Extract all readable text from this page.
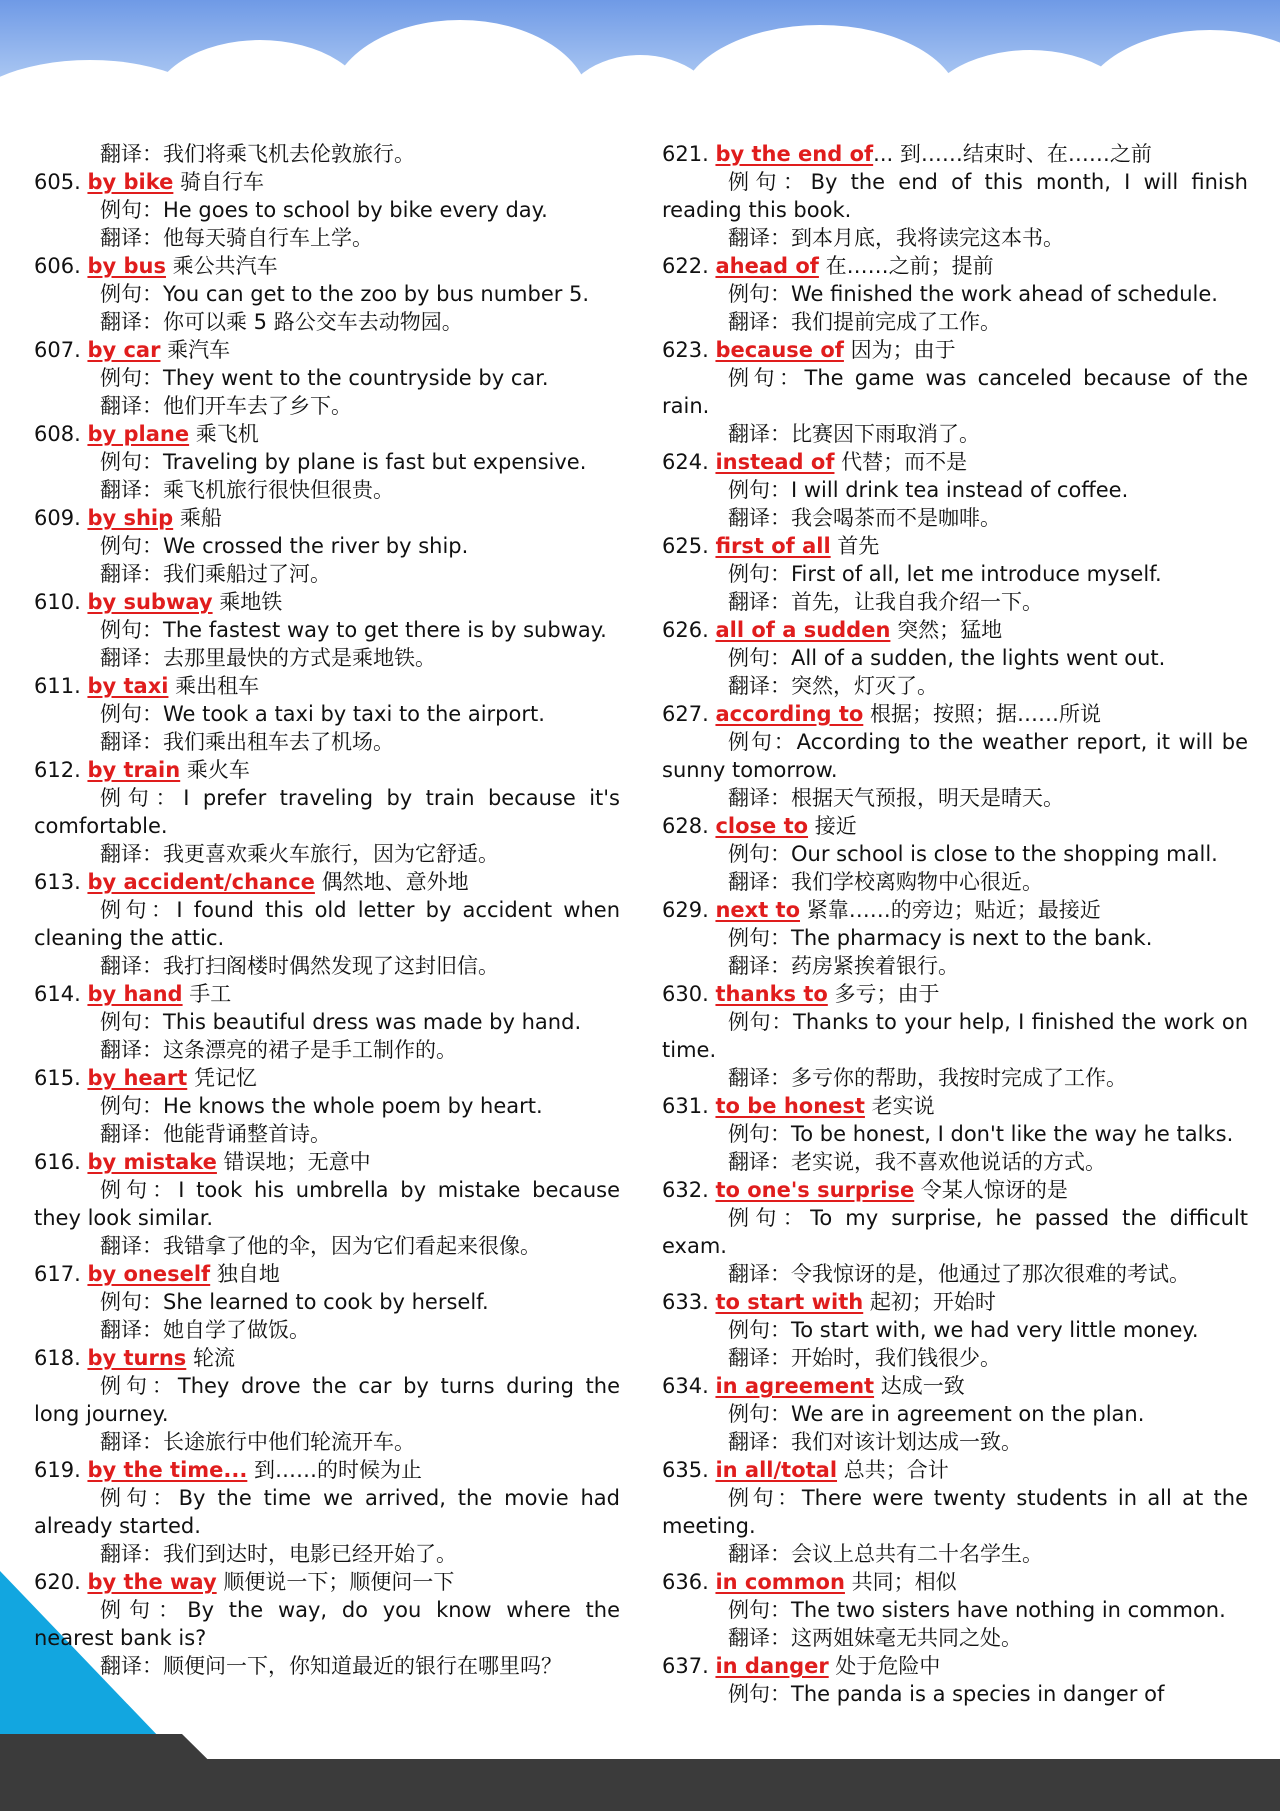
翻译：我们将乘飞机去伦敦旅行。

605. by bike 骑自行车
例句：He goes to school by bike every day.
翻译：他每天骑自行车上学。
606. by bus 乘公共汽车
例句：You can get to the zoo by bus number 5.
翻译：你可以乘 5 路公交车去动物园。
607. by car 乘汽车
例句：They went to the countryside by car.
翻译：他们开车去了乡下。
608. by plane 乘飞机
例句：Traveling by plane is fast but expensive.
翻译：乘飞机旅行很快但很贵。
609. by ship 乘船
例句：We crossed the river by ship.
翻译：我们乘船过了河。
610. by subway 乘地铁
例句：The fastest way to get there is by subway.
翻译：去那里最快的方式是乘地铁。
611. by taxi 乘出租车
例句：We took a taxi by taxi to the airport.
翻译：我们乘出租车去了机场。
612. by train 乘火车
例句：I prefer traveling by train because it's comfortable.
翻译：我更喜欢乘火车旅行，因为它舒适。
613. by accident/chance 偶然地、意外地
例句：I found this old letter by accident when cleaning the attic.
翻译：我打扫阁楼时偶然发现了这封旧信。
614. by hand 手工
例句：This beautiful dress was made by hand.
翻译：这条漂亮的裙子是手工制作的。
615. by heart 凭记忆
例句：He knows the whole poem by heart.
翻译：他能背诵整首诗。
616. by mistake 错误地；无意中
例句：I took his umbrella by mistake because they look similar.
翻译：我错拿了他的伞，因为它们看起来很像。
617. by oneself 独自地
例句：She learned to cook by herself.
翻译：她自学了做饭。
618. by turns 轮流
例句：They drove the car by turns during the long journey.
翻译：长途旅行中他们轮流开车。
619. by the time... 到……的时候为止
例句：By the time we arrived, the movie had already started.
翻译：我们到达时，电影已经开始了。
620. by the way 顺便说一下；顺便问一下
例句：By the way, do you know where the nearest bank is?
翻译：顺便问一下，你知道最近的银行在哪里吗？
621. by the end of... 到……结束时、在……之前
例句：By the end of this month, I will finish reading this book.
翻译：到本月底，我将读完这本书。
622. ahead of 在……之前；提前
例句：We finished the work ahead of schedule.
翻译：我们提前完成了工作。
623. because of 因为；由于
例句：The game was canceled because of the rain.
翻译：比赛因下雨取消了。
624. instead of 代替；而不是
例句：I will drink tea instead of coffee.
翻译：我会喝茶而不是咖啡。
625. first of all 首先
例句：First of all, let me introduce myself.
翻译：首先，让我自我介绍一下。
626. all of a sudden 突然；猛地
例句：All of a sudden, the lights went out.
翻译：突然，灯灭了。
627. according to 根据；按照；据……所说
例句：According to the weather report, it will be sunny tomorrow.
翻译：根据天气预报，明天是晴天。
628. close to 接近
例句：Our school is close to the shopping mall.
翻译：我们学校离购物中心很近。
629. next to 紧靠……的旁边；贴近；最接近
例句：The pharmacy is next to the bank.
翻译：药房紧挨着银行。
630. thanks to 多亏；由于
例句：Thanks to your help, I finished the work on time.
翻译：多亏你的帮助，我按时完成了工作。
631. to be honest 老实说
例句：To be honest, I don't like the way he talks.
翻译：老实说，我不喜欢他说话的方式。
632. to one's surprise 令某人惊讶的是
例句：To my surprise, he passed the difficult exam.
翻译：令我惊讶的是，他通过了那次很难的考试。
633. to start with 起初；开始时
例句：To start with, we had very little money.
翻译：开始时，我们钱很少。
634. in agreement 达成一致
例句：We are in agreement on the plan.
翻译：我们对该计划达成一致。
635. in all/total 总共；合计
例句：There were twenty students in all at the meeting.
翻译：会议上总共有二十名学生。
636. in common 共同；相似
例句：The two sisters have nothing in common.
翻译：这两姐妹毫无共同之处。
637. in danger 处于危险中
例句：The panda is a species in danger of
